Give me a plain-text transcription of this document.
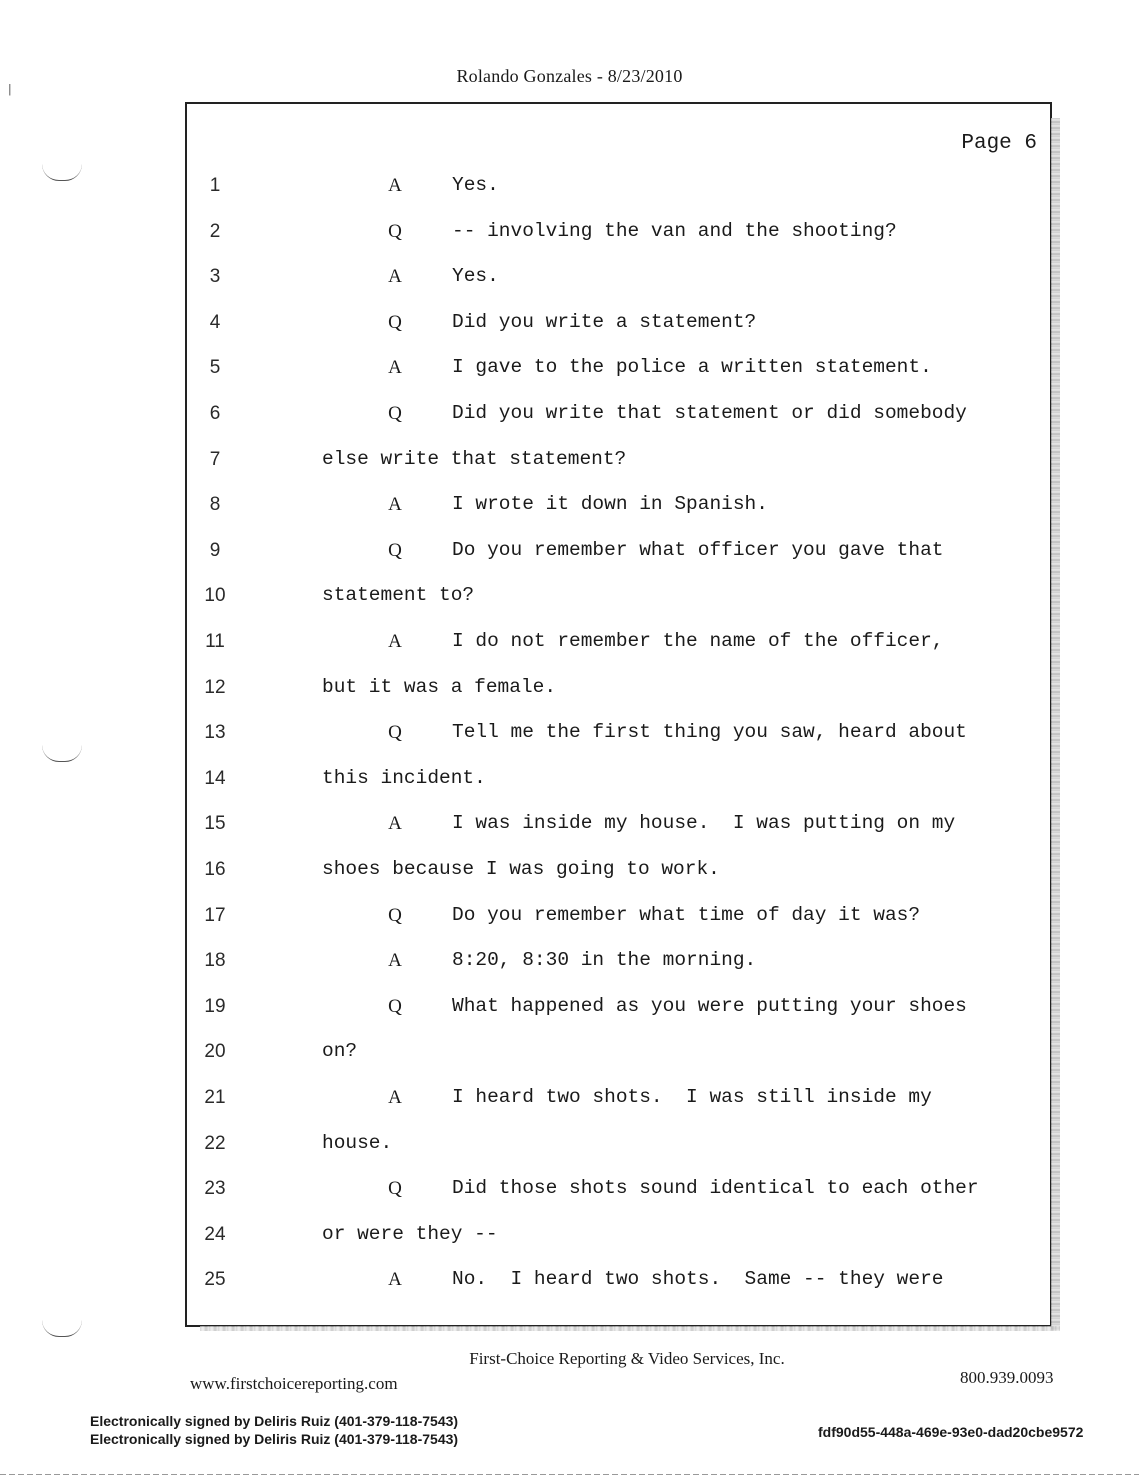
Rolando Gonzales - 8/23/2010
Page 6
1	A	Yes.
2	Q	-- involving the van and the shooting?
3	A	Yes.
4	Q	Did you write a statement?
5	A	I gave to the police a written statement.
6	Q	Did you write that statement or did somebody
7	else write that statement?
8	A	I wrote it down in Spanish.
9	Q	Do you remember what officer you gave that
10	statement to?
11	A	I do not remember the name of the officer,
12	but it was a female.
13	Q	Tell me the first thing you saw, heard about
14	this incident.
15	A	I was inside my house.  I was putting on my
16	shoes because I was going to work.
17	Q	Do you remember what time of day it was?
18	A	8:20, 8:30 in the morning.
19	Q	What happened as you were putting your shoes
20	on?
21	A	I heard two shots.  I was still inside my
22	house.
23	Q	Did those shots sound identical to each other
24	or were they --
25	A	No.  I heard two shots.  Same -- they were
First-Choice Reporting & Video Services, Inc.
www.firstchoicereporting.com	800.939.0093
Electronically signed by Deliris Ruiz (401-379-118-7543)
Electronically signed by Deliris Ruiz (401-379-118-7543)	fdf90d55-448a-469e-93e0-dad20cbe9572
ǀ
